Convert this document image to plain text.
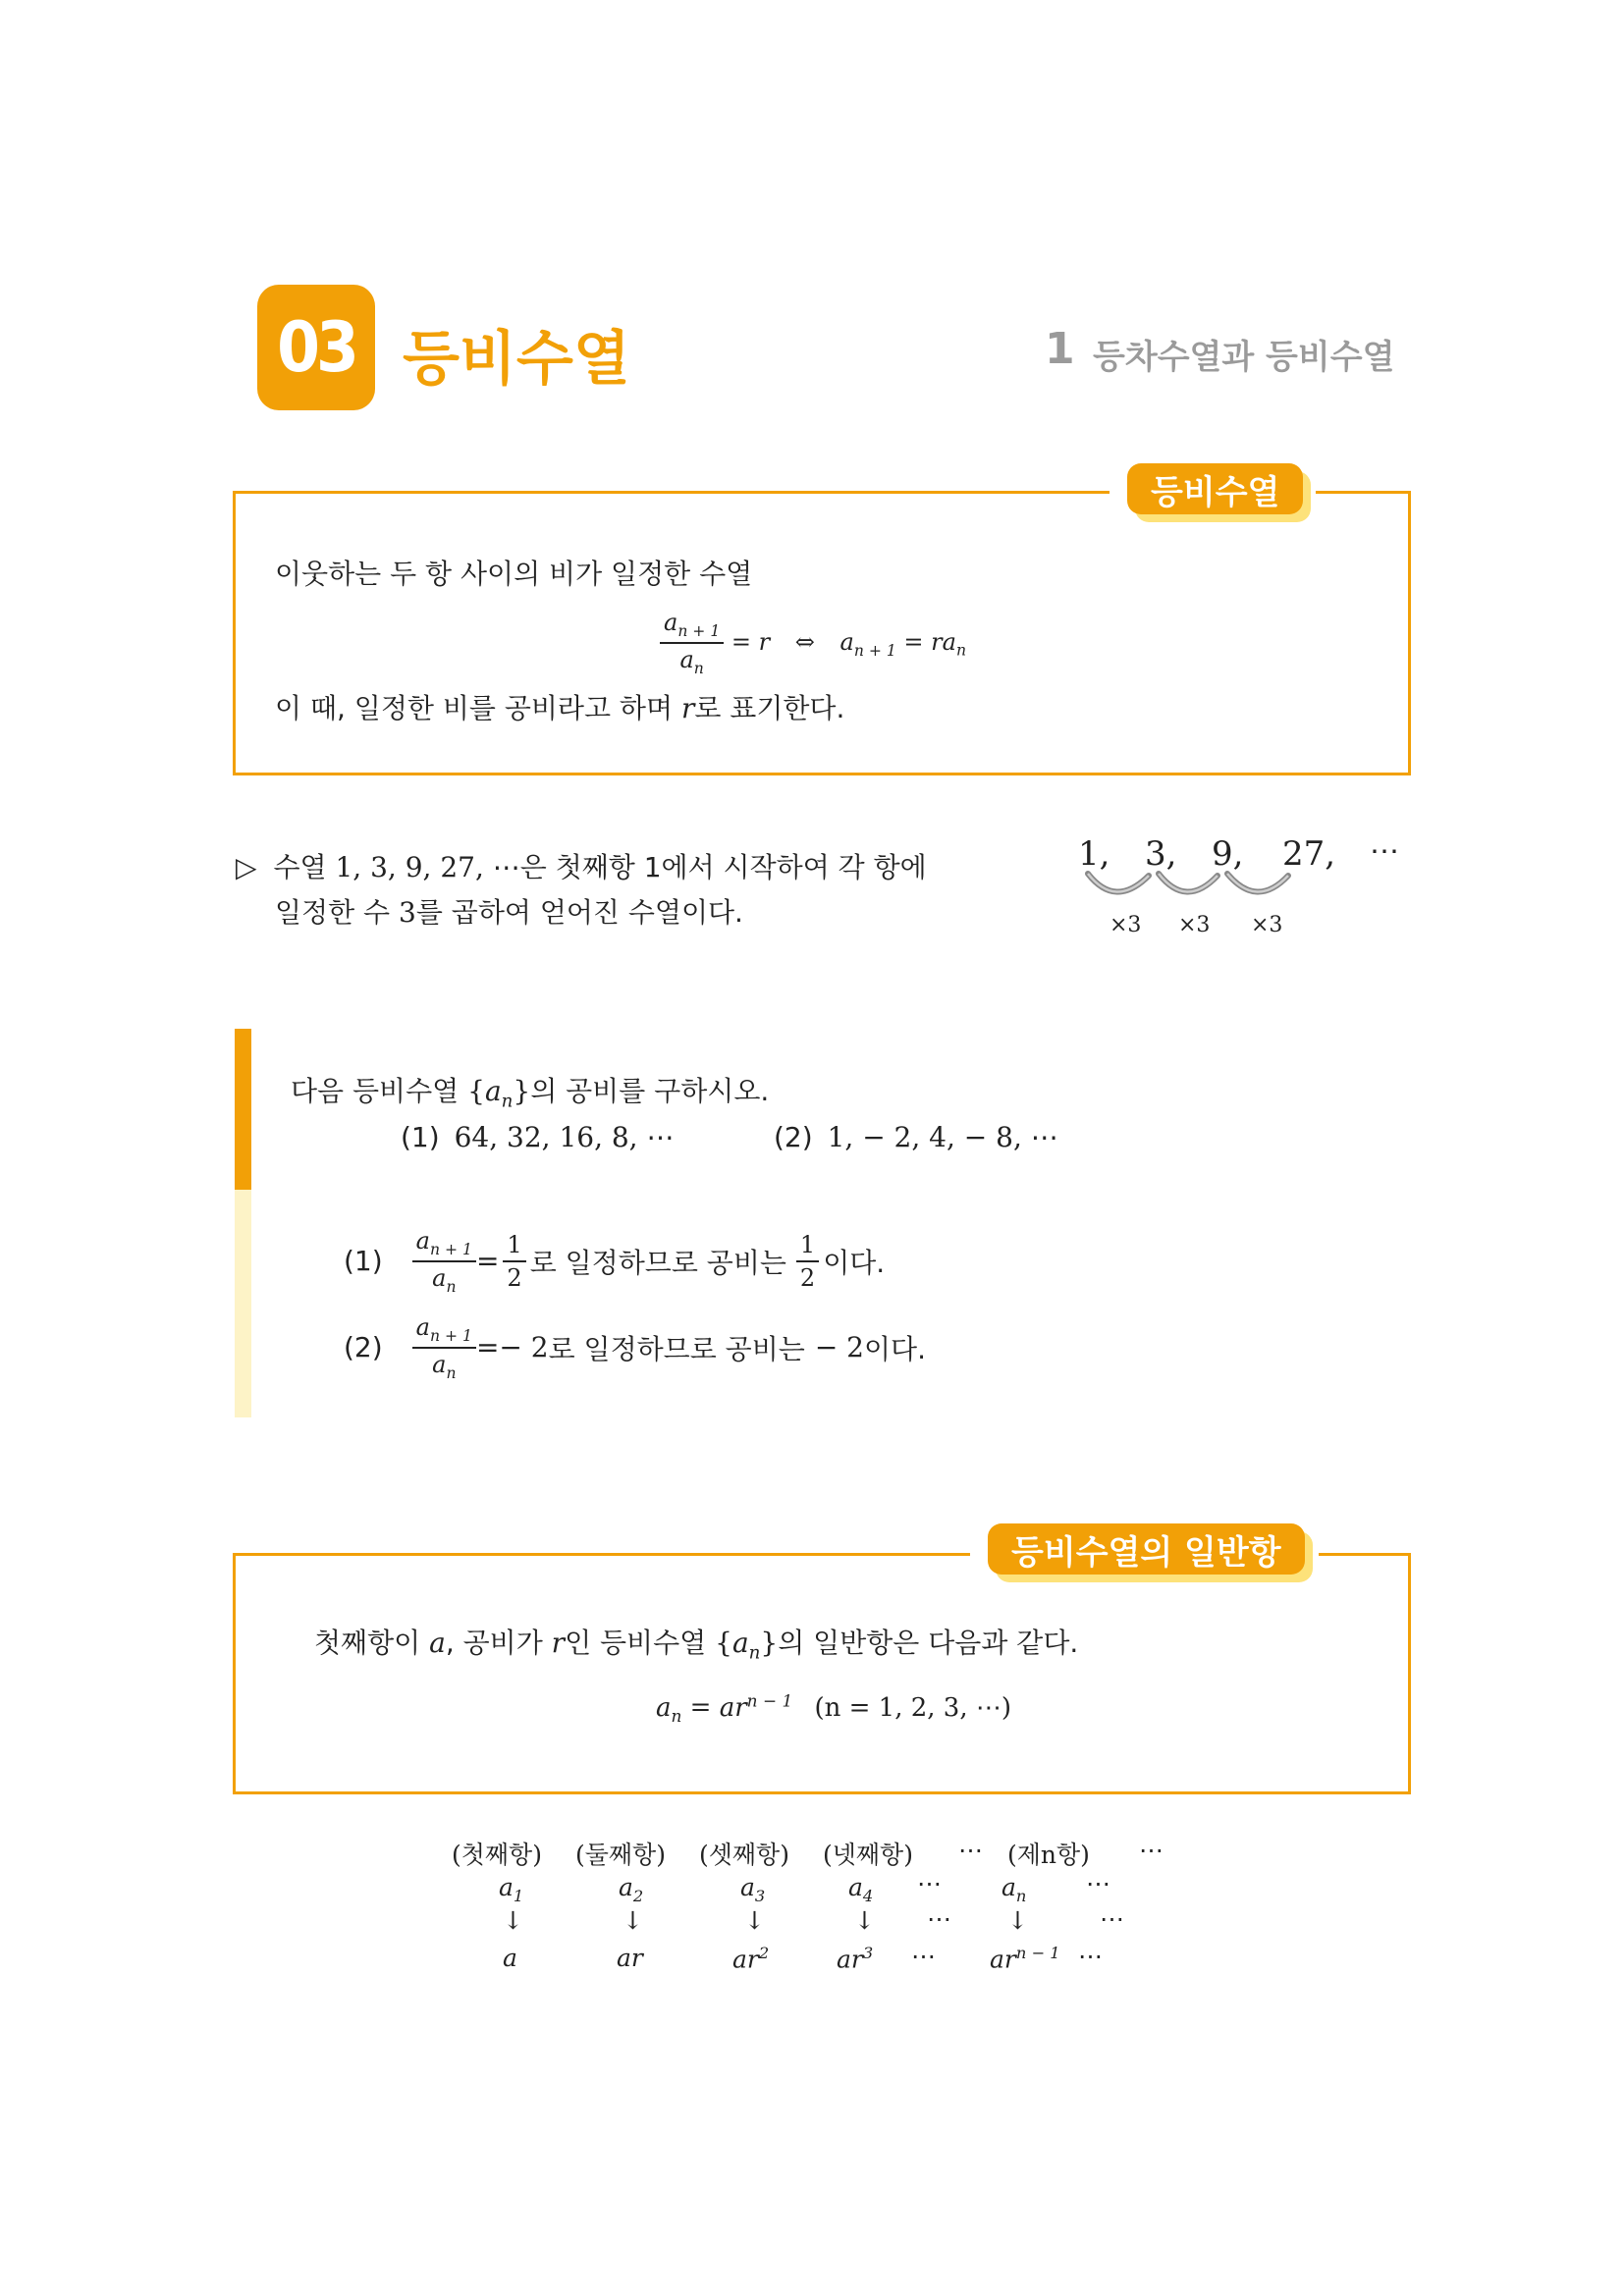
03 등비수열	1 등차수열과 등비수열
등비수열
이웃하는 두 항 사이의 비가 일정한 수열
$\frac{a_{n + 1}}{a_n} = r$ ⇔ $a_{n + 1} = ra_n$
이 때, 일정한 비를 공비라고 하며 r로 표기한다.
▷ 수열 1, 3, 9, 27, ⋯은 첫째항 1에서 시작하여 각 항에
일정한 수 3를 곱하여 얻어진 수열이다.
1, 3, 9, 27, ⋯
×3 ×3 ×3
다음 등비수열 $\{a_n\}$의 공비를 구하시오.
(1) 64, 32, 16, 8, ⋯	(2) 1, − 2, 4, − 8, ⋯
$(1) \frac{a_{n + 1}}{a_n} = \frac{1}{2}$ 로 일정하므로 공비는 $\frac{1}{2}$ 이다.
$(2) \frac{a_{n + 1}}{a_n} =- 2$ 로 일정하므로 공비는 − 2 이다.
등비수열의 일반항
첫째항이 a, 공비가 r인 등비수열 $\{a_n\}$의 일반항은 다음과 같다.
$a_n = ar^{n - 1}$ (n = 1, 2, 3, ⋯)
(첫째항) (둘째항) (셋째항) (넷째항) ⋯ (제n항) ⋯
$a_1$	$a_2$	$a_3$	$a_4$ ⋯ $a_n$ ⋯
↓	↓	↓	↓ ⋯ ↓	⋯
a	ar	$ar^2$	$ar^3$ ⋯ $ar^{n - 1}$ ⋯
